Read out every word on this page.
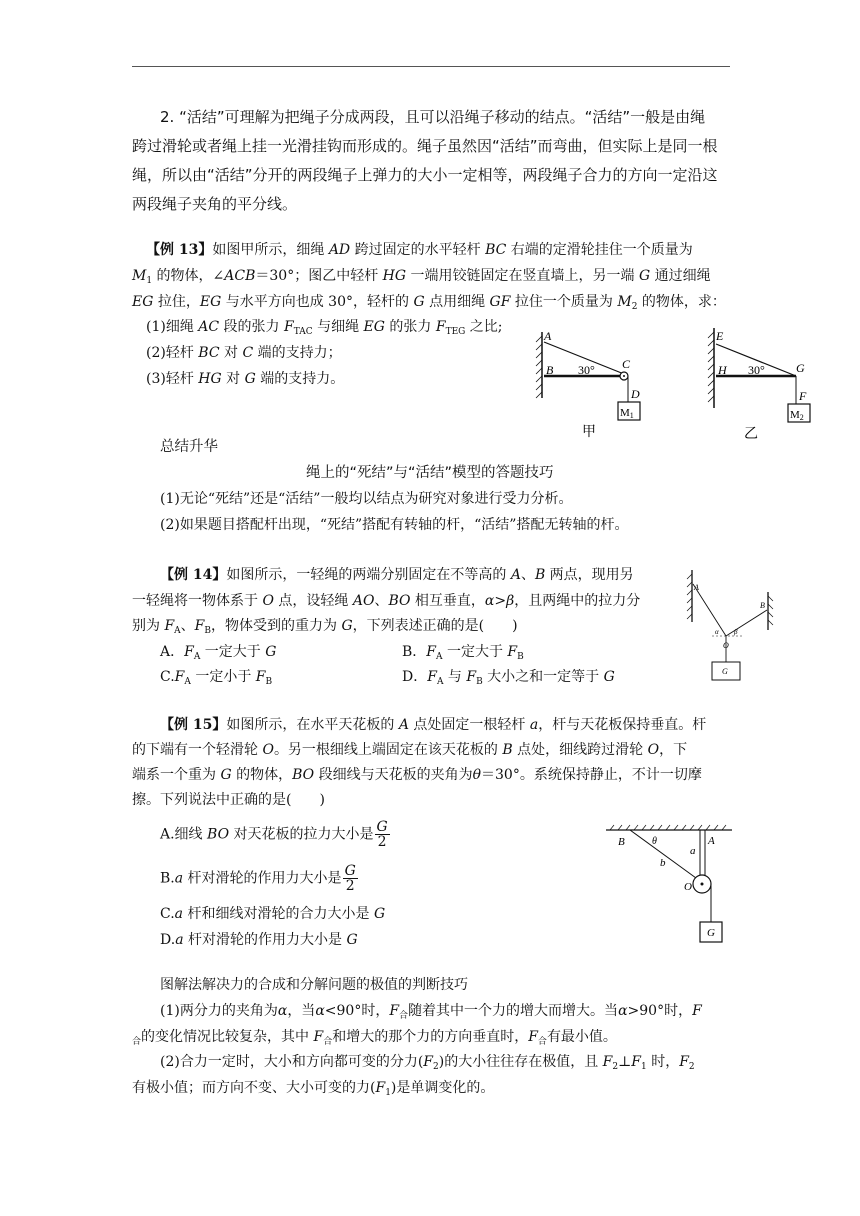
2. “活结”可理解为把绳子分成两段，且可以沿绳子移动的结点。“活结”一般是由绳
跨过滑轮或者绳上挂一光滑挂钩而形成的。绳子虽然因“活结”而弯曲，但实际上是同一根
绳，所以由“活结”分开的两段绳子上弹力的大小一定相等，两段绳子合力的方向一定沿这
两段绳子夹角的平分线。
【例 13】如图甲所示，细绳 AD 跨过固定的水平轻杆 BC 右端的定滑轮挂住一个质量为
$M_1$ 的物体，∠ACB＝30°；图乙中轻杆 HG 一端用铰链固定在竖直墙上，另一端 G 通过细绳
EG 拉住，EG 与水平方向也成 30°，轻杆的 G 点用细绳 GF 拉住一个质量为 $M_2$ 的物体，求：
(1)细绳 AC 段的张力 $F_{TAC}$ 与细绳 EG 的张力 $F_{TEG}$ 之比;
(2)轻杆 BC 对 C 端的支持力；
(3)轻杆 HG 对 G 端的支持力。
A
B	C
D
30°
M1
甲
E
H	G
F
30°
M2
乙
总结升华
绳上的“死结”与“活结”模型的答题技巧
(1)无论“死结”还是“活结”一般均以结点为研究对象进行受力分析。
(2)如果题目搭配杆出现，“死结”搭配有转轴的杆，“活结”搭配无转轴的杆。
【例 14】如图所示，一轻绳的两端分别固定在不等高的 A、B 两点，现用另
一轻绳将一物体系于 O 点，设轻绳 AO、BO 相互垂直，α>β，且两绳中的拉力分
别为 $F_A$、$F_B$，物体受到的重力为 G，下列表述正确的是(　　)
A．$F_A$ 一定大于 G	B．$F_A$ 一定大于 $F_B$
$C.F_A$ 一定小于 $F_B$	D．$F_A$ 与 $F_B$ 大小之和一定等于 G
A
B
O
α β
G
【例 15】如图所示，在水平天花板的 A 点处固定一根轻杆 a，杆与天花板保持垂直。杆
的下端有一个轻滑轮 O。另一根细线上端固定在该天花板的 B 点处，细线跨过滑轮 O，下
端系一个重为 G 的物体，BO 段细线与天花板的夹角为θ＝30°。系统保持静止，不计一切摩
擦。下列说法中正确的是(　　)
A.细线 BO 对天花板的拉力大小是 $\frac{G}{2}$
B.a 杆对滑轮的作用力大小是 $\frac{G}{2}$
C.a 杆和细线对滑轮的合力大小是 G
D.a 杆对滑轮的作用力大小是 G
B	θ
a
A
b
O
G
图解法解决力的合成和分解问题的极值的判断技巧
(1)两分力的夹角为α，当α<90°时，$F_合$随着其中一个力的增大而增大。当α>90°时，F
$_合$的变化情况比较复杂，其中 $F_合$和增大的那个力的方向垂直时，$F_合$有最小值。
(2)合力一定时，大小和方向都可变的分力$(F_2)$的大小往往存在极值，且 $F_2\perp F_1$ 时，$F_2$
有极小值；而方向不变、大小可变的力$(F_1)$是单调变化的。
